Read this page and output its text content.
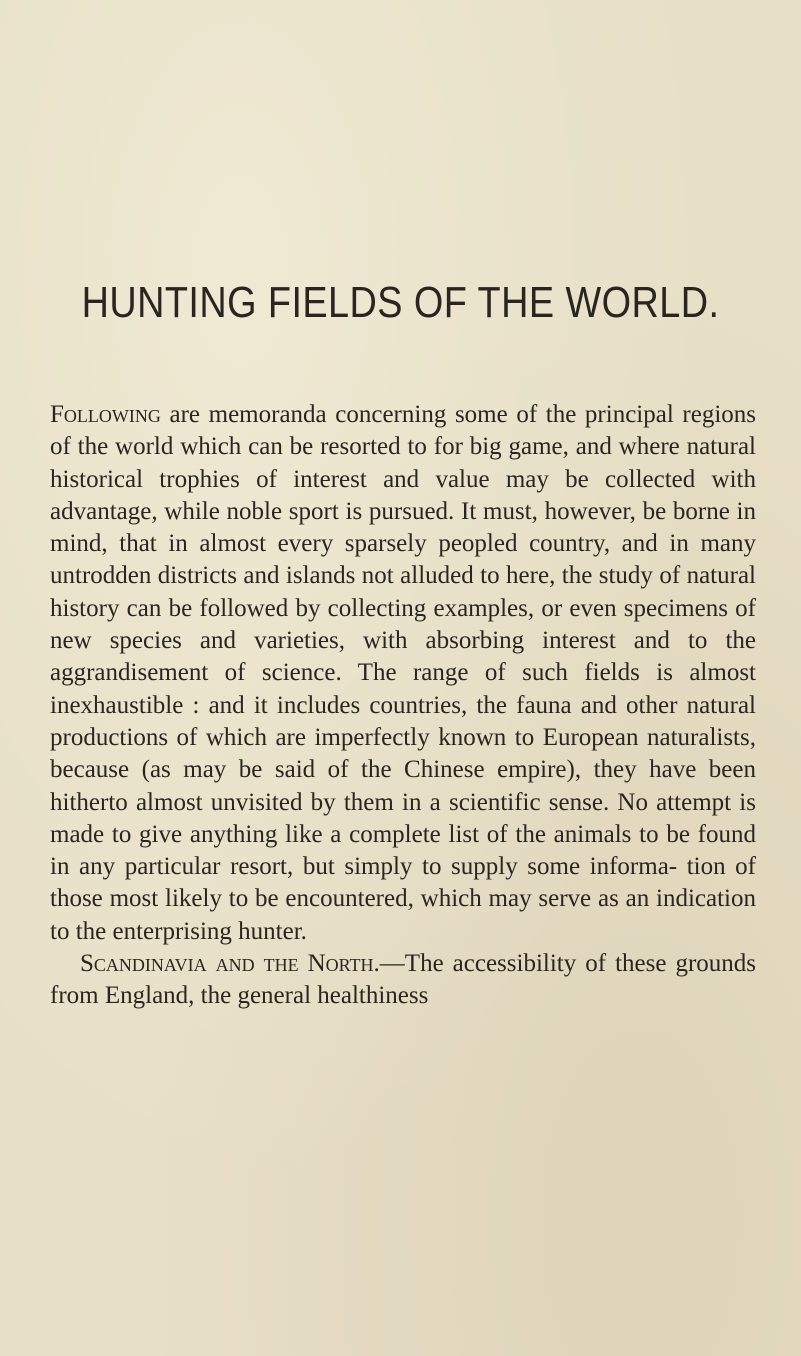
HUNTING FIELDS OF THE WORLD.

Following are memoranda concerning some of the principal regions of the world which can be resorted to for big game, and where natural historical trophies of interest and value may be collected with advantage, while noble sport is pursued. It must, however, be borne in mind, that in almost every sparsely peopled country, and in many untrodden districts and islands not alluded to here, the study of natural history can be followed by collecting examples, or even specimens of new species and varieties, with absorbing interest and to the aggrandisement of science. The range of such fields is almost inexhaustible : and it includes countries, the fauna and other natural productions of which are imperfectly known to European naturalists, because (as may be said of the Chinese empire), they have been hitherto almost unvisited by them in a scientific sense. No attempt is made to give anything like a complete list of the animals to be found in any particular resort, but simply to supply some informa- tion of those most likely to be encountered, which may serve as an indication to the enterprising hunter.

Scandinavia and the North.—The accessibility of these grounds from England, the general healthiness
